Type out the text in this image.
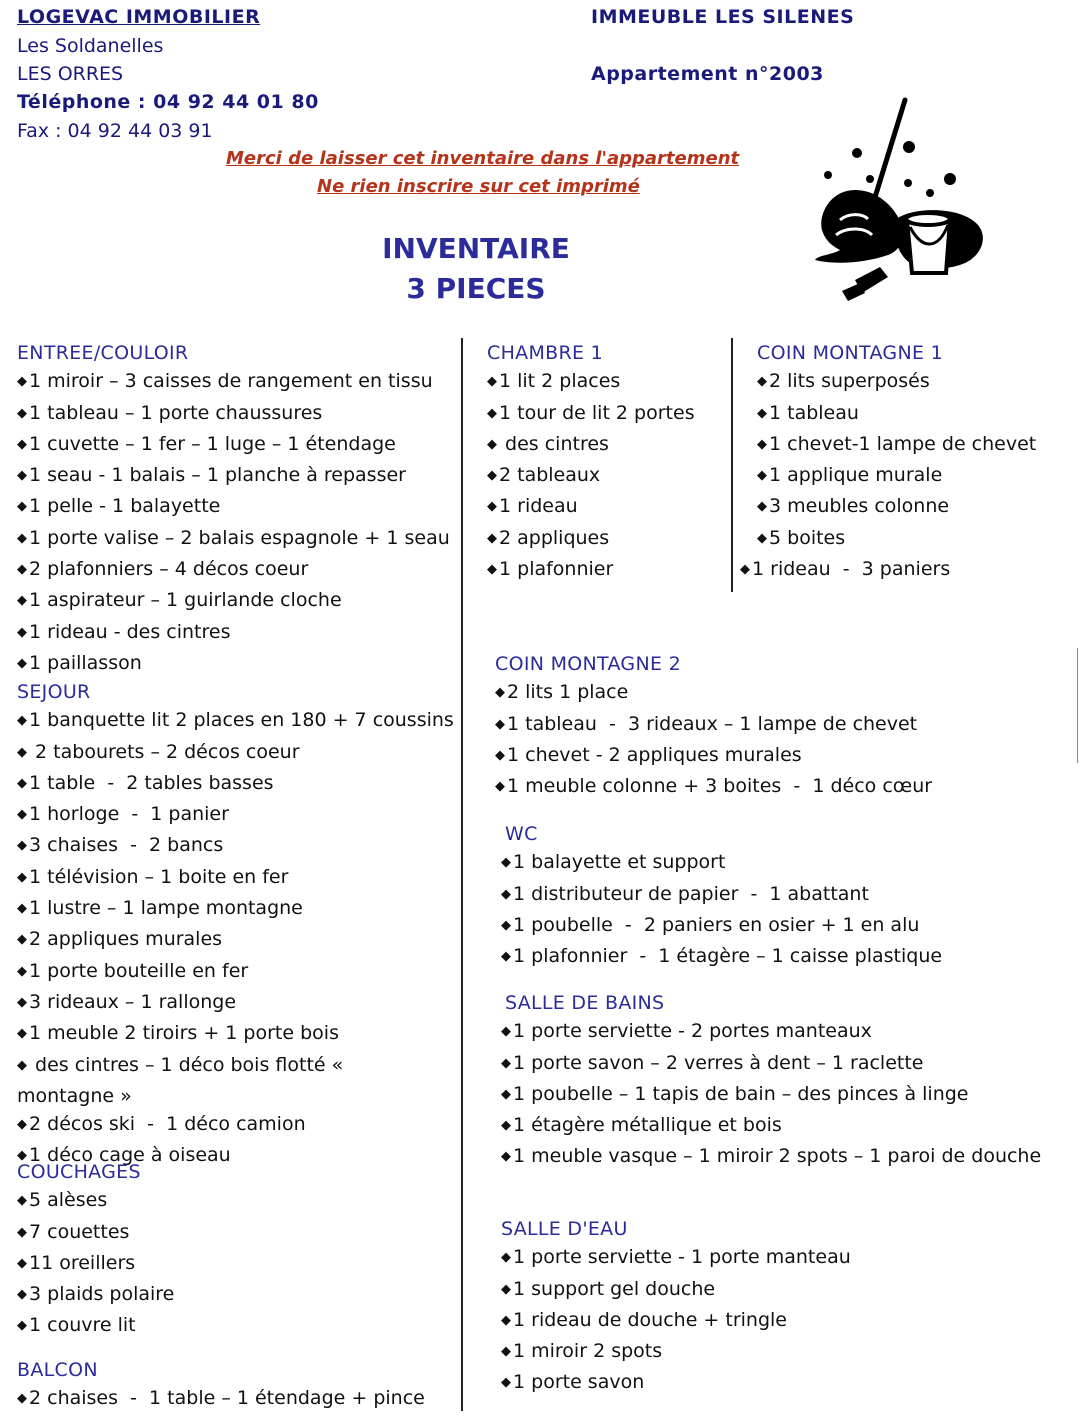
LOGEVAC IMMOBILIER
Les Soldanelles
LES ORRES
Téléphone : 04 92 44 01 80
Fax : 04 92 44 03 91
IMMEUBLE LES SILENES
Appartement n°2003
Merci de laisser cet inventaire dans l'appartement
Ne rien inscrire sur cet imprimé
INVENTAIRE
3 PIECES
ENTREE/COULOIR
◆ 1 miroir – 3 caisses de rangement en tissu
◆ 1 tableau – 1 porte chaussures
◆ 1 cuvette – 1 fer – 1 luge – 1 étendage
◆ 1 seau - 1 balais – 1 planche à repasser
◆ 1 pelle - 1 balayette
◆ 1 porte valise – 2 balais espagnole + 1 seau
◆ 2 plafonniers – 4 décos coeur
◆ 1 aspirateur – 1 guirlande cloche
◆ 1 rideau - des cintres
◆ 1 paillasson
SEJOUR
◆ 1 banquette lit 2 places en 180 + 7 coussins
◆ 2 tabourets – 2 décos coeur
◆ 1 table  -  2 tables basses
◆ 1 horloge  -  1 panier
◆ 3 chaises  -  2 bancs
◆ 1 télévision – 1 boite en fer
◆ 1 lustre – 1 lampe montagne
◆ 2 appliques murales
◆ 1 porte bouteille en fer
◆ 3 rideaux – 1 rallonge
◆ 1 meuble 2 tiroirs + 1 porte bois
◆ des cintres – 1 déco bois flotté «
montagne »
◆ 2 décos ski  -  1 déco camion
◆ 1 déco cage à oiseau
COUCHAGES
◆ 5 alèses
◆ 7 couettes
◆ 11 oreillers
◆ 3 plaids polaire
◆ 1 couvre lit
BALCON
◆ 2 chaises  -  1 table – 1 étendage + pince
CHAMBRE 1
◆ 1 lit 2 places
◆ 1 tour de lit 2 portes
◆ des cintres
◆ 2 tableaux
◆ 1 rideau
◆ 2 appliques
◆ 1 plafonnier
COIN MONTAGNE 1
◆ 2 lits superposés
◆ 1 tableau
◆ 1 chevet-1 lampe de chevet
◆ 1 applique murale
◆ 3 meubles colonne
◆ 5 boites
◆ 1 rideau  -  3 paniers
COIN MONTAGNE 2
◆ 2 lits 1 place
◆ 1 tableau  -  3 rideaux – 1 lampe de chevet
◆ 1 chevet - 2 appliques murales
◆ 1 meuble colonne + 3 boites  -  1 déco cœur
WC
◆ 1 balayette et support
◆ 1 distributeur de papier  -  1 abattant
◆ 1 poubelle  -  2 paniers en osier + 1 en alu
◆ 1 plafonnier  -  1 étagère – 1 caisse plastique
SALLE DE BAINS
◆ 1 porte serviette - 2 portes manteaux
◆ 1 porte savon – 2 verres à dent – 1 raclette
◆ 1 poubelle – 1 tapis de bain – des pinces à linge
◆ 1 étagère métallique et bois
◆ 1 meuble vasque – 1 miroir 2 spots – 1 paroi de douche
SALLE D'EAU
◆ 1 porte serviette - 1 porte manteau
◆ 1 support gel douche
◆ 1 rideau de douche + tringle
◆ 1 miroir 2 spots
◆ 1 porte savon
